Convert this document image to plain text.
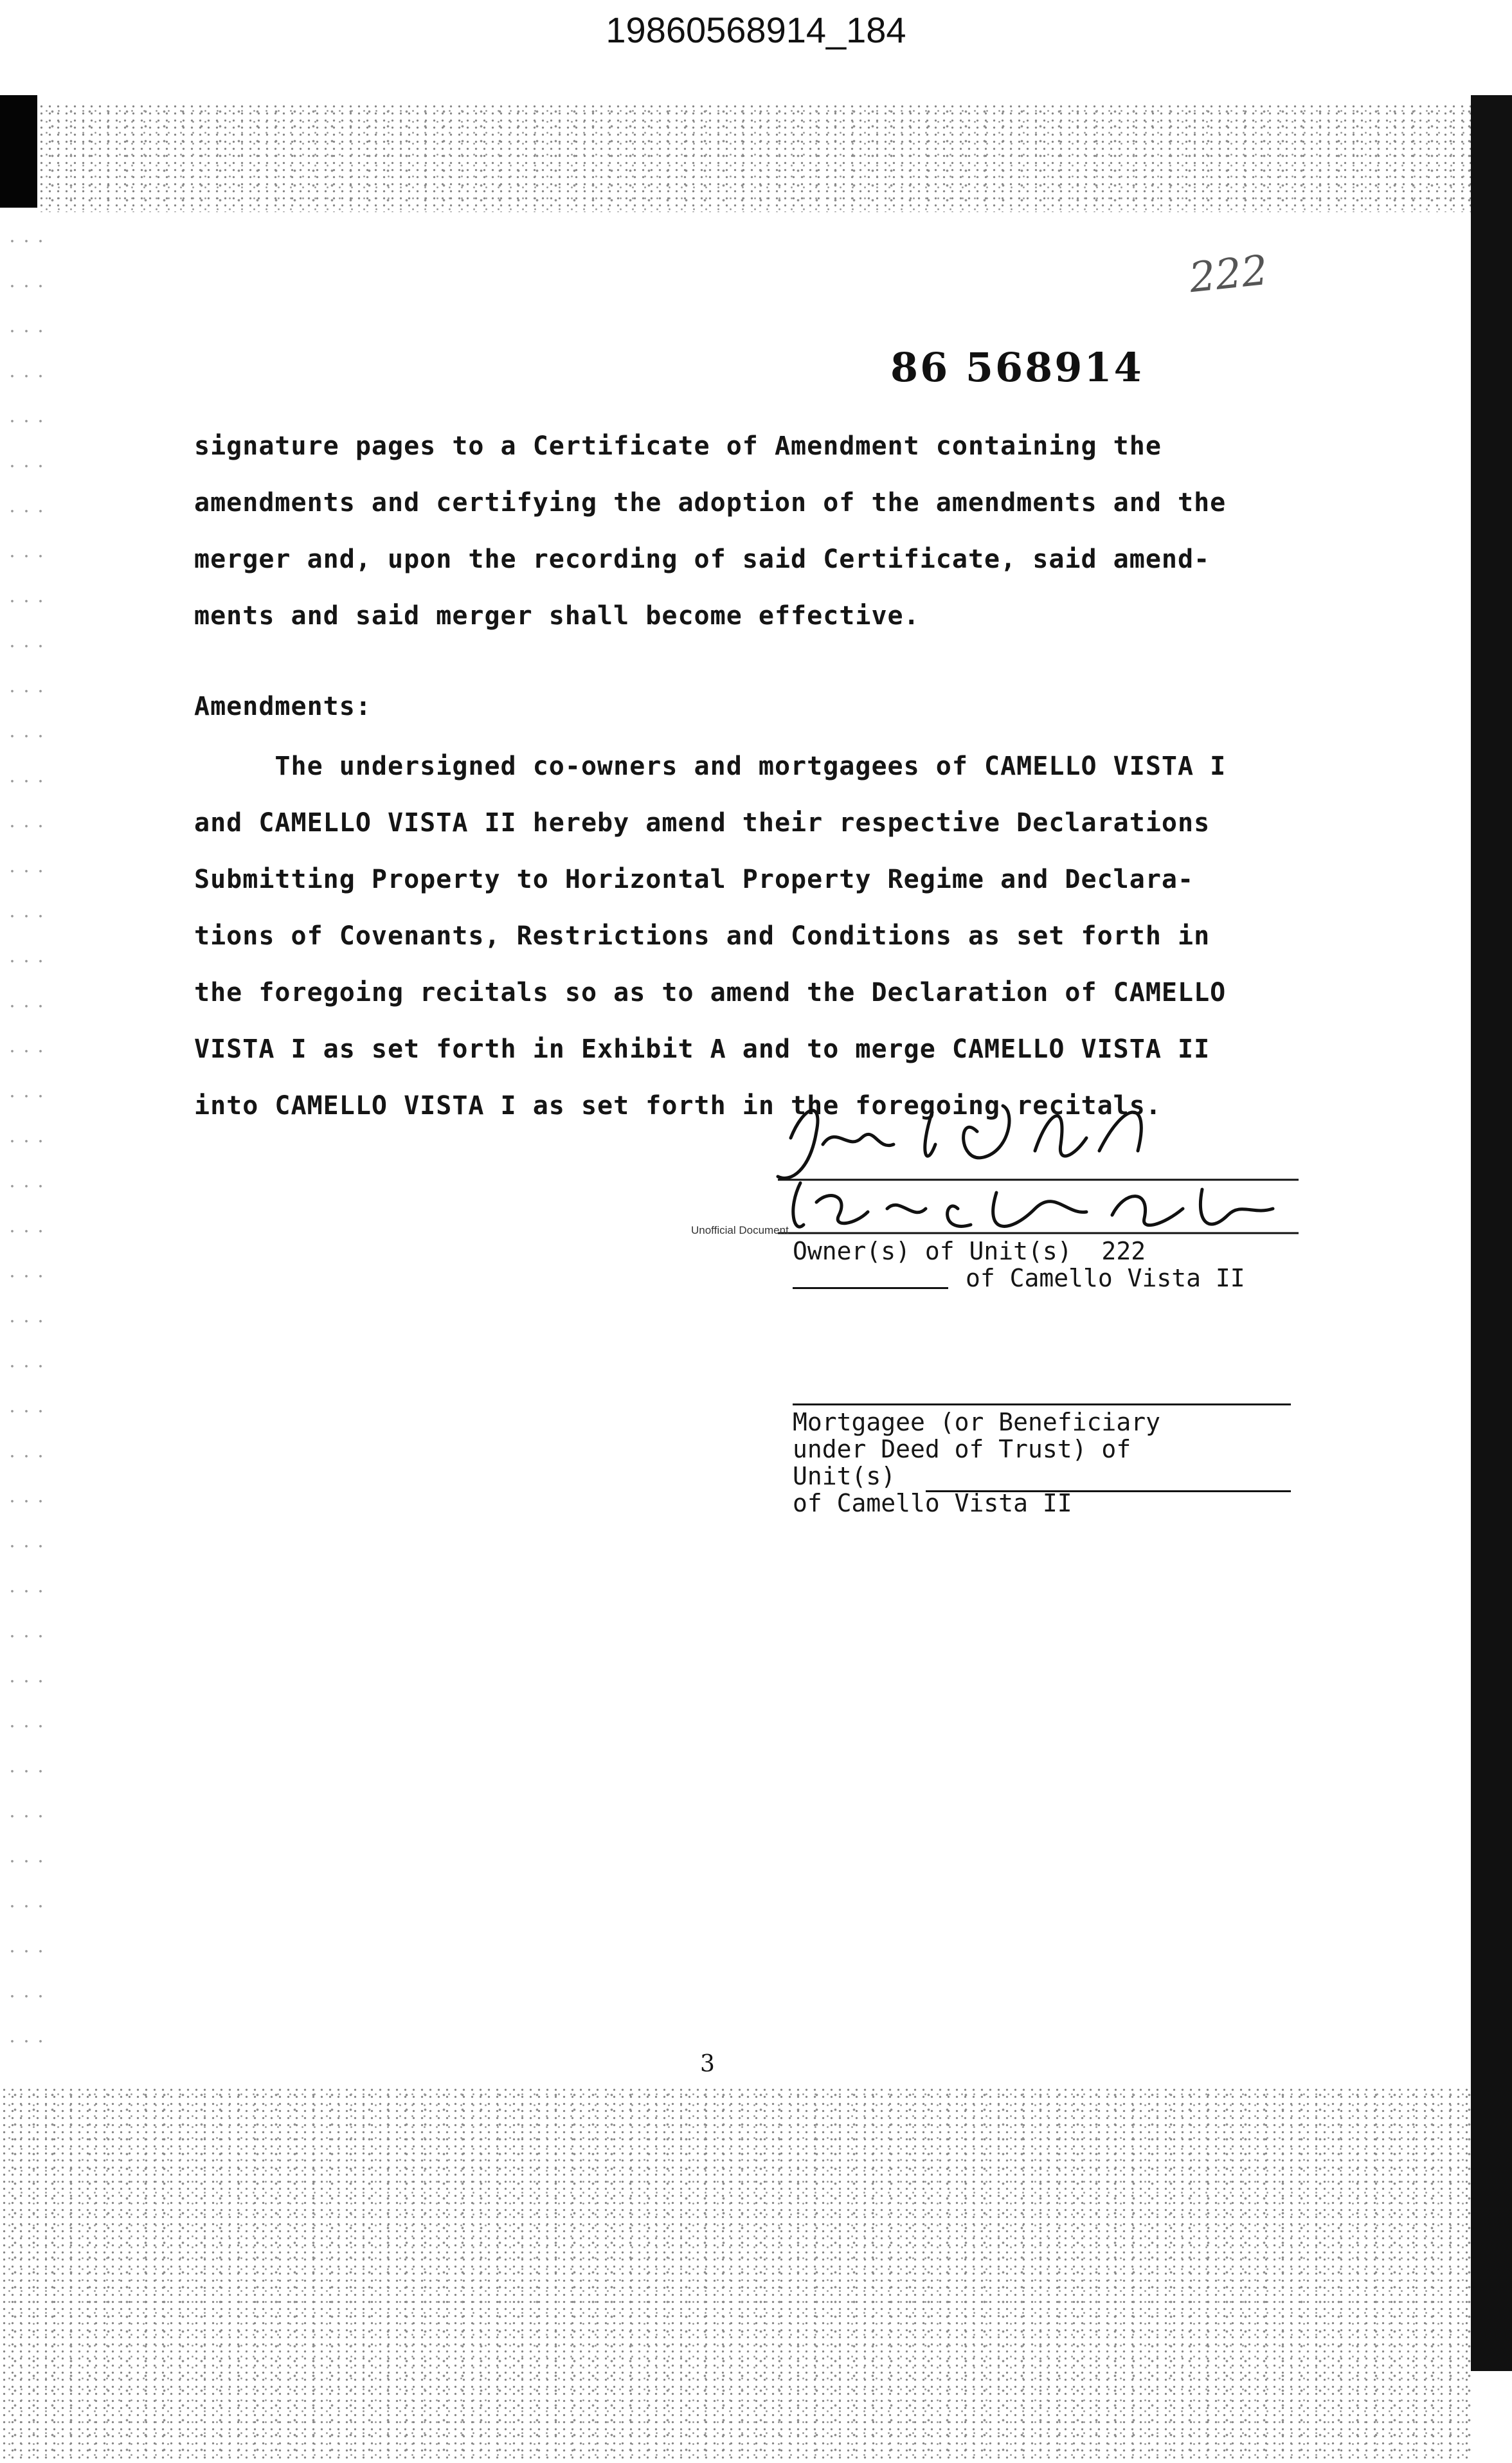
19860568914_184
222
86 568914
signature pages to a Certificate of Amendment containing the
amendments and certifying the adoption of the amendments and the
merger and, upon the recording of said Certificate, said amend-
ments and said merger shall become effective.
Amendments:
The undersigned co-owners and mortgagees of CAMELLO VISTA I
and CAMELLO VISTA II hereby amend their respective Declarations
Submitting Property to Horizontal Property Regime and Declara-
tions of Covenants, Restrictions and Conditions as set forth in
the foregoing recitals so as to amend the Declaration of CAMELLO
VISTA I as set forth in Exhibit A and to merge CAMELLO VISTA II
into CAMELLO VISTA I as set forth in the foregoing recitals.
Unofficial Document
Owner(s) of Unit(s)  222
of Camello Vista II
Mortgagee (or Beneficiary
under Deed of Trust) of
Unit(s)
of Camello Vista II
3
